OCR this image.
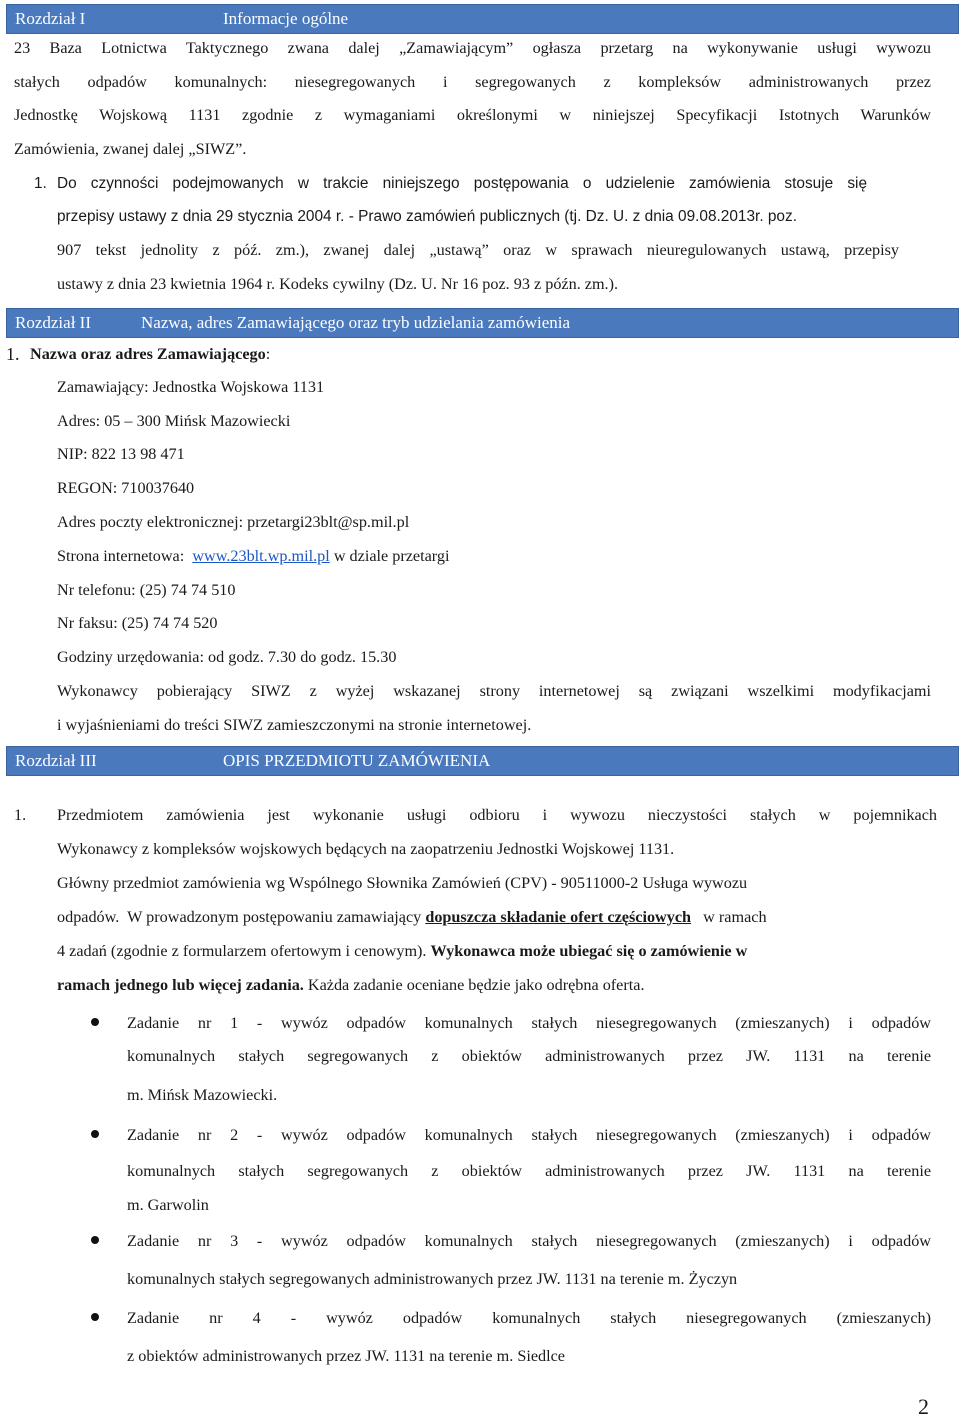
Rozdział I	Informacje ogólne
23 Baza Lotnictwa Taktycznego zwana dalej „Zamawiającym” ogłasza przetarg na wykonywanie usługi wywozu
stałych odpadów komunalnych: niesegregowanych i segregowanych z kompleksów administrowanych przez
Jednostkę Wojskową 1131 zgodnie z wymaganiami określonymi w niniejszej Specyfikacji Istotnych Warunków
Zamówienia, zwanej dalej „SIWZ”.
1. Do czynności podejmowanych w trakcie niniejszego postępowania o udzielenie zamówienia stosuje się
przepisy ustawy z dnia 29 stycznia 2004 r. - Prawo zamówień publicznych (tj. Dz. U. z dnia 09.08.2013r. poz.
907 tekst jednolity z póź. zm.), zwanej dalej „ustawą” oraz w sprawach nieuregulowanych ustawą, przepisy
ustawy z dnia 23 kwietnia 1964 r. Kodeks cywilny (Dz. U. Nr 16 poz. 93 z późn. zm.).
Rozdział II	Nazwa, adres Zamawiającego oraz tryb udzielania zamówienia
1. Nazwa oraz adres Zamawiającego:
Zamawiający: Jednostka Wojskowa 1131
Adres: 05 – 300 Mińsk Mazowiecki
NIP: 822 13 98 471
REGON: 710037640
Adres poczty elektronicznej: przetargi23blt@sp.mil.pl
Strona internetowa:  www.23blt.wp.mil.pl w dziale przetargi
Nr telefonu: (25) 74 74 510
Nr faksu: (25) 74 74 520
Godziny urzędowania: od godz. 7.30 do godz. 15.30
Wykonawcy pobierający SIWZ z wyżej wskazanej strony internetowej są związani wszelkimi modyfikacjami
i wyjaśnieniami do treści SIWZ zamieszczonymi na stronie internetowej.
Rozdział III	OPIS PRZEDMIOTU ZAMÓWIENIA
1. Przedmiotem zamówienia jest wykonanie usługi odbioru i wywozu nieczystości stałych w pojemnikach
Wykonawcy z kompleksów wojskowych będących na zaopatrzeniu Jednostki Wojskowej 1131.
Główny przedmiot zamówienia wg Wspólnego Słownika Zamówień (CPV) - 90511000-2 Usługa wywozu
odpadów.  W prowadzonym postępowaniu zamawiający dopuszcza składanie ofert częściowych   w ramach
4 zadań (zgodnie z formularzem ofertowym i cenowym). Wykonawca może ubiegać się o zamówienie w
ramach jednego lub więcej zadania. Każda zadanie oceniane będzie jako odrębna oferta.
Zadanie nr 1 - wywóz odpadów komunalnych stałych niesegregowanych (zmieszanych) i odpadów
komunalnych stałych segregowanych z obiektów administrowanych przez JW. 1131 na terenie
m. Mińsk Mazowiecki.
Zadanie nr 2 - wywóz odpadów komunalnych stałych niesegregowanych (zmieszanych) i odpadów
komunalnych stałych segregowanych z obiektów administrowanych przez JW. 1131 na terenie
m. Garwolin
Zadanie nr 3 - wywóz odpadów komunalnych stałych niesegregowanych (zmieszanych) i odpadów
komunalnych stałych segregowanych administrowanych przez JW. 1131 na terenie m. Życzyn
Zadanie nr 4 - wywóz odpadów komunalnych stałych niesegregowanych (zmieszanych)
z obiektów administrowanych przez JW. 1131 na terenie m. Siedlce
2
